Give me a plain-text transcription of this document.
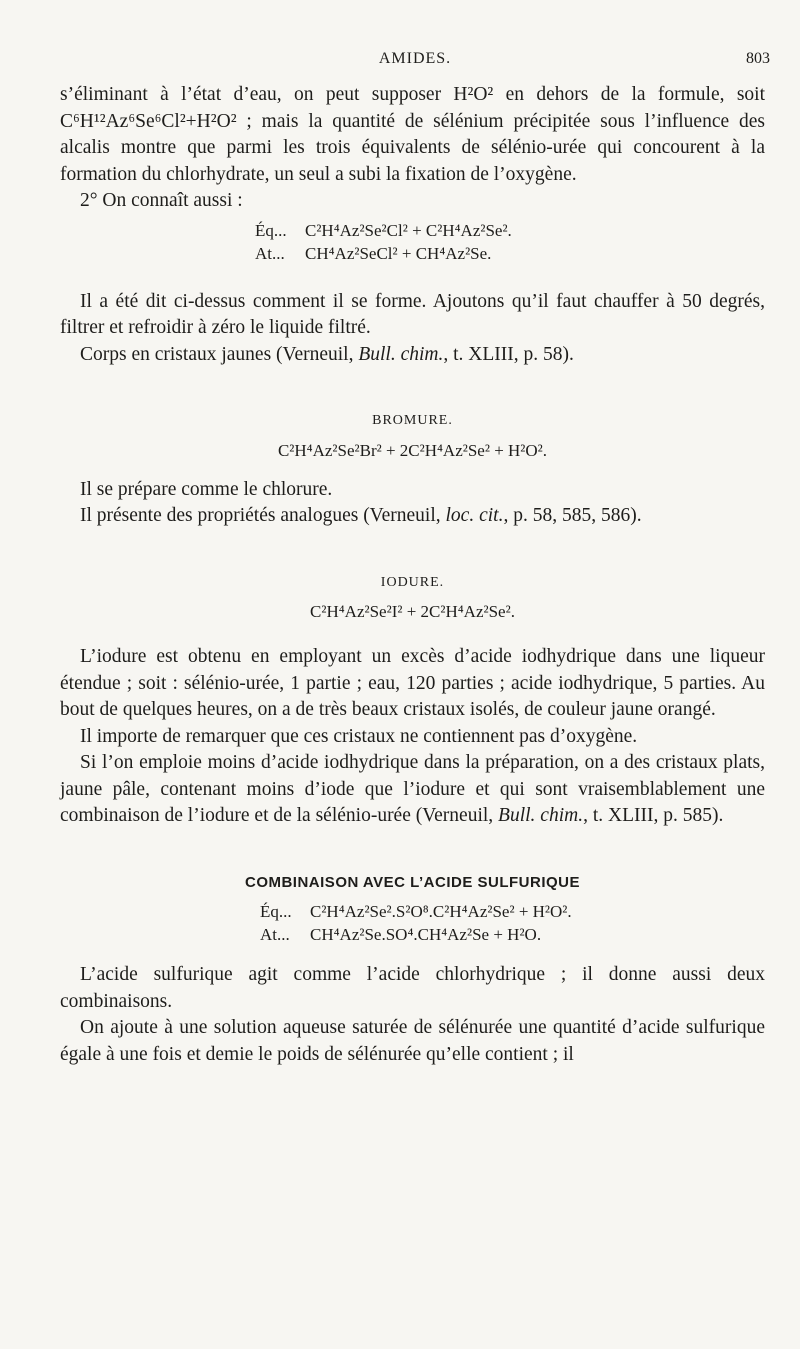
AMIDES.	803

s’éliminant à l’état d’eau, on peut supposer H²O² en dehors de la formule, soit C⁶H¹²Az⁶Se⁶Cl²+H²O² ; mais la quantité de sélénium précipitée sous l’influence des alcalis montre que parmi les trois équivalents de sélénio-urée qui concourent à la formation du chlorhydrate, un seul a subi la fixation de l’oxygène.

2° On connaît aussi :

Éq... C²H⁴Az²Se²Cl² + C²H⁴Az²Se².
At... CH⁴Az²SeCl² + CH⁴Az²Se.

Il a été dit ci-dessus comment il se forme. Ajoutons qu’il faut chauffer à 50 degrés, filtrer et refroidir à zéro le liquide filtré.

Corps en cristaux jaunes (Verneuil, Bull. chim., t. XLIII, p. 58).

BROMURE.

C²H⁴Az²Se²Br² + 2C²H⁴Az²Se² + H²O².

Il se prépare comme le chlorure.

Il présente des propriétés analogues (Verneuil, loc. cit., p. 58, 585, 586).

IODURE.

C²H⁴Az²Se²I² + 2C²H⁴Az²Se².

L’iodure est obtenu en employant un excès d’acide iodhydrique dans une liqueur étendue ; soit : sélénio-urée, 1 partie ; eau, 120 parties ; acide iodhydrique, 5 parties. Au bout de quelques heures, on a de très beaux cristaux isolés, de couleur jaune orangé.

Il importe de remarquer que ces cristaux ne contiennent pas d’oxygène.

Si l’on emploie moins d’acide iodhydrique dans la préparation, on a des cristaux plats, jaune pâle, contenant moins d’iode que l’iodure et qui sont vraisemblablement une combinaison de l’iodure et de la sélénio-urée (Verneuil, Bull. chim., t. XLIII, p. 585).

COMBINAISON AVEC L’ACIDE SULFURIQUE

Éq... C²H⁴Az²Se².S²O⁸.C²H⁴Az²Se² + H²O².
At... CH⁴Az²Se.SO⁴.CH⁴Az²Se + H²O.

L’acide sulfurique agit comme l’acide chlorhydrique ; il donne aussi deux combinaisons.

On ajoute à une solution aqueuse saturée de sélénurée une quantité d’acide sulfurique égale à une fois et demie le poids de sélénurée qu’elle contient ; il
